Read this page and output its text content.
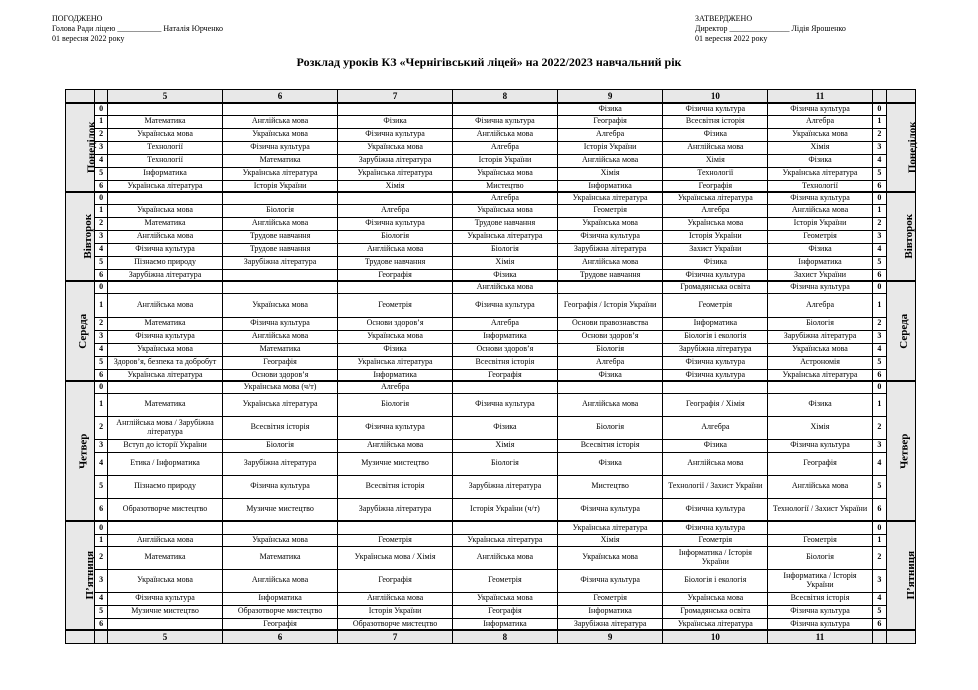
ПОГОДЖЕНО
Голова Ради ліцею ___________ Наталія Юрченко
01 вересня 2022 року
ЗАТВЕРДЖЕНО
Директор _______________ Лідія Ярошенко
01 вересня 2022 року
Розклад уроків КЗ «Чернігівський ліцей» на 2022/2023 навчальний рік
		5	6	7	8	9	10	11		
Понеділок	0					Фізика	Фізична культура	Фізична культура	0	Понеділок
	1	Математика	Англійська мова	Фізика	Фізична культура	Географія	Всесвітня історія	Алгебра	1	
	2	Українська мова	Українська мова	Фізична культура	Англійська мова	Алгебра	Фізика	Українська мова	2	
	3	Технології	Фізична культура	Українська мова	Алгебра	Історія України	Англійська мова	Хімія	3	
	4	Технології	Математика	Зарубіжна література	Історія України	Англійська мова	Хімія	Фізика	4	
	5	Інформатика	Українська література	Українська література	Українська мова	Хімія	Технології	Українська література	5	
	6	Українська література	Історія України	Хімія	Мистецтво	Інформатика	Географія	Технології	6	
Вівторок	0				Алгебра	Українська література	Українська література	Фізична культура	0	Вівторок
	1	Українська мова	Біологія	Алгебра	Українська мова	Геометрія	Алгебра	Англійська мова	1	
	2	Математика	Англійська мова	Фізична культура	Трудове навчання	Українська мова	Українська мова	Історія України	2	
	3	Англійська мова	Трудове навчання	Біологія	Українська література	Фізична культура	Історія України	Геометрія	3	
	4	Фізична культура	Трудове навчання	Англійська мова	Біологія	Зарубіжна література	Захист України	Фізика	4	
	5	Пізнаємо природу	Зарубіжна література	Трудове навчання	Хімія	Англійська мова	Фізика	Інформатика	5	
	6	Зарубіжна література		Географія	Фізика	Трудове навчання	Фізична культура	Захист України	6	
Середа	0				Англійська мова		Громадянська освіта	Фізична культура	0	Середа
	1	Англійська мова	Українська мова	Геометрія	Фізична культура	Географія / Історія України	Геометрія	Алгебра	1	
	2	Математика	Фізична культура	Основи здоров’я	Алгебра	Основи правознавства	Інформатика	Біологія	2	
	3	Фізична культура	Англійська мова	Українська мова	Інформатика	Основи здоров’я	Біологія і екологія	Зарубіжна література	3	
	4	Українська мова	Математика	Фізика	Основи здоров’я	Біологія	Зарубіжна література	Українська мова	4	
	5	Здоров’я, безпека та добробут	Географія	Українська література	Всесвітня історія	Алгебра	Фізична культура	Астрономія	5	
	6	Українська література	Основи здоров’я	Інформатика	Географія	Фізика	Фізична культура	Українська література	6	
Четвер	0		Українська мова (ч/т)	Алгебра					0	Четвер
	1	Математика	Українська література	Біологія	Фізична культура	Англійська мова	Географія / Хімія	Фізика	1	
	2	Англійська мова / Зарубіжна література	Всесвітня історія	Фізична культура	Фізика	Біологія	Алгебра	Хімія	2	
	3	Вступ до історії України	Біологія	Англійська мова	Хімія	Всесвітня історія	Фізика	Фізична культура	3	
	4	Етика / Інформатика	Зарубіжна література	Музичне мистецтво	Біологія	Фізика	Англійська мова	Географія	4	
	5	Пізнаємо природу	Фізична культура	Всесвітня історія	Зарубіжна література	Мистецтво	Технології / Захист України	Англійська мова	5	
	6	Образотворче мистецтво	Музичне мистецтво	Зарубіжна література	Історія України (ч/т)	Фізична культура	Фізична культура	Технології / Захист України	6	
П’ятниця	0					Українська література	Фізична культура		0	П’ятниця
	1	Англійська мова	Українська мова	Геометрія	Українська література	Хімія	Геометрія	Геометрія	1	
	2	Математика	Математика	Українська мова / Хімія	Англійська мова	Українська мова	Інформатика / Історія України	Біологія	2	
	3	Українська мова	Англійська мова	Географія	Геометрія	Фізична культура	Біологія і екологія	Інформатика / Історія України	3	
	4	Фізична культура	Інформатика	Англійська мова	Українська мова	Геометрія	Українська мова	Всесвітня історія	4	
	5	Музичне мистецтво	Образотворче мистецтво	Історія України	Географія	Інформатика	Громадянська освіта	Фізична культура	5	
	6		Географія	Образотворче мистецтво	Інформатика	Зарубіжна література	Українська література	Фізична культура	6	
		5	6	7	8	9	10	11		
